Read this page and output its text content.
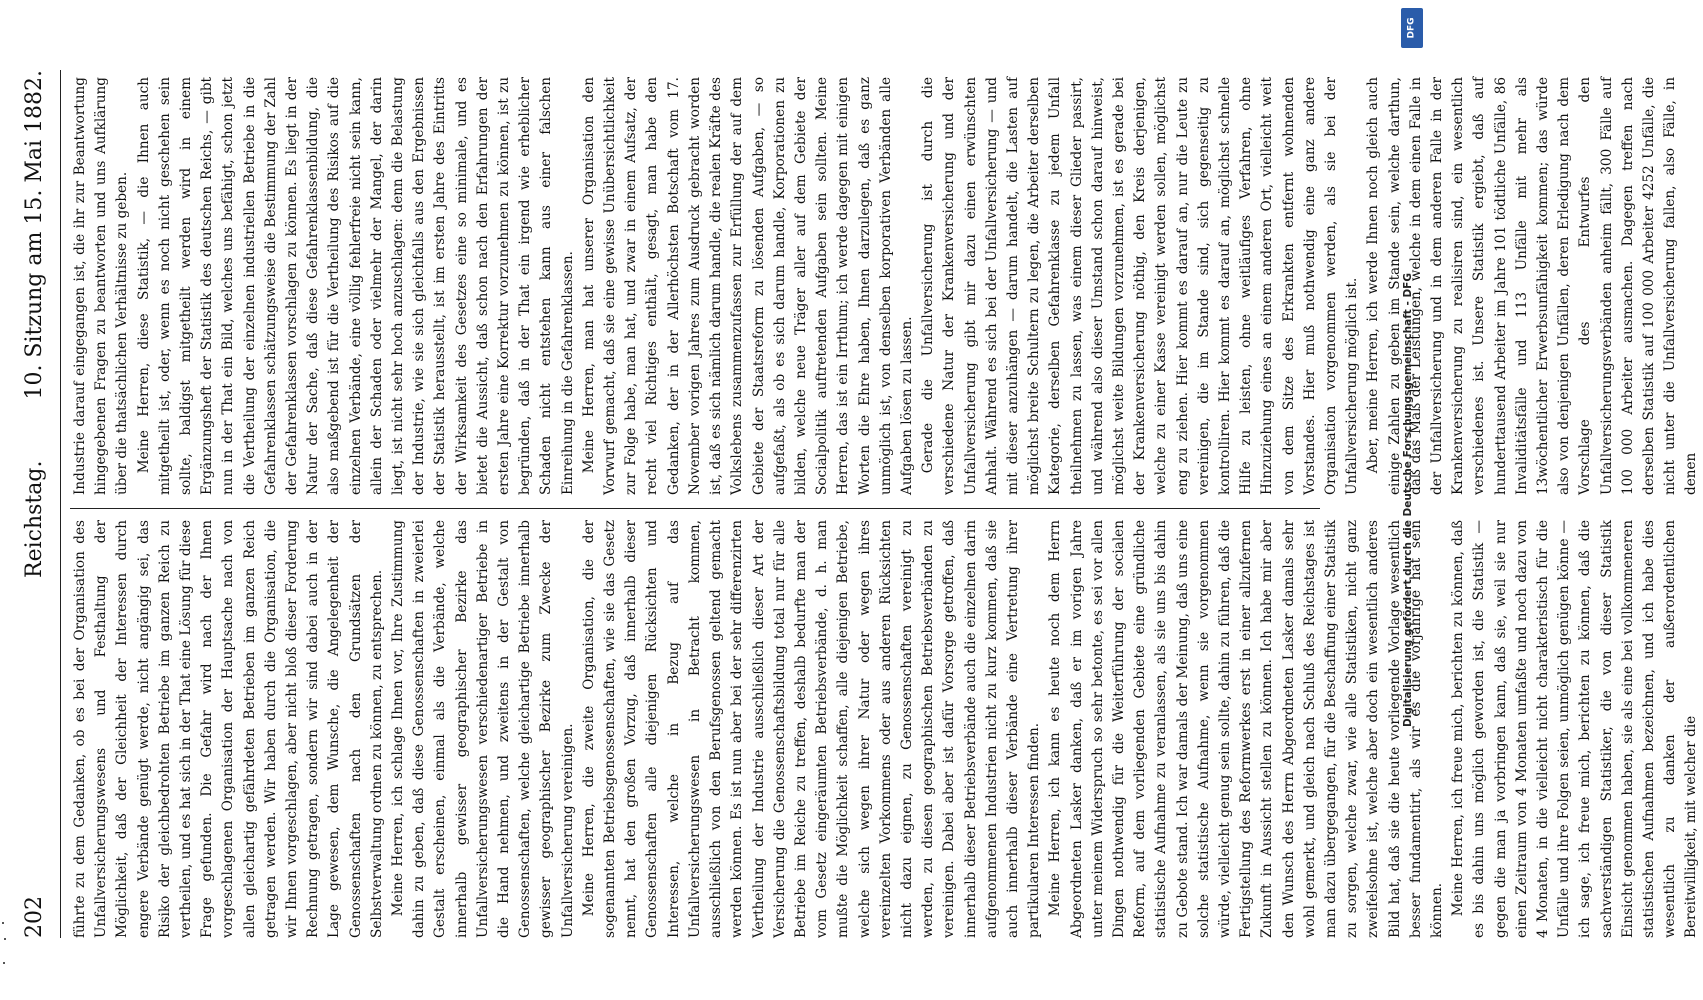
202
Reichstag.
10. Sitzung am 15. Mai 1882.

führte zu dem Gedanken, ob es bei der Organisation des Unfallversicherungswesens und Festhaltung der Möglichkeit, daß der Gleichheit der Interessen durch engere Verbände genügt werde, nicht angängig sei, das Risiko der gleichbedrohten Betriebe im ganzen Reich zu vertheilen, und es hat sich in der That eine Lösung für diese Frage gefunden. Die Gefahr wird nach der Ihnen vorgeschlagenen Organisation der Hauptsache nach von allen gleichartig gefährdeten Betrieben im ganzen Reich getragen werden. Wir haben durch die Organisation, die wir Ihnen vorgeschlagen, aber nicht bloß dieser Forderung Rechnung getragen, sondern wir sind dabei auch in der Lage gewesen, dem Wunsche, die Angelegenheit der Genossenschaften nach den Grundsätzen der Selbstverwaltung ordnen zu können, zu entsprechen. Meine Herren, ich schlage Ihnen vor, Ihre Zustimmung dahin zu geben, daß diese Genossenschaften in zweierlei Gestalt erscheinen, einmal als die Verbände, welche innerhalb gewisser geographischer Bezirke das Unfallversicherungswesen verschiedenartiger Betriebe in die Hand nehmen, und zweitens in der Gestalt von Genossenschaften, welche gleichartige Betriebe innerhalb gewisser geographischer Bezirke zum Zwecke der Unfallversicherung vereinigen. Meine Herren, die zweite Organisation, die der sogenannten Betriebsgenossenschaften, wie sie das Gesetz nennt, hat den großen Vorzug, daß innerhalb dieser Genossenschaften alle diejenigen Rücksichten und Interessen, welche in Bezug auf das Unfallversicherungswesen in Betracht kommen, ausschließlich von den Berufsgenossen geltend gemacht werden können. Es ist nun aber bei der sehr differenzirten Vertheilung der Industrie ausschließlich dieser Art der Versicherung die Genossenschaftsbildung total nur für alle Betriebe im Reiche zu treffen, deshalb bedurfte man der vom Gesetz eingeräumten Betriebsverbände, d. h. man mußte die Möglichkeit schaffen, alle diejenigen Betriebe, welche sich wegen ihrer Natur oder wegen ihres vereinzelten Vorkommens oder aus anderen Rücksichten nicht dazu eignen, zu Genossenschaften vereinigt zu werden, zu diesen geographischen Betriebsverbänden zu vereinigen. Dabei aber ist dafür Vorsorge getroffen, daß innerhalb dieser Betriebsverbände auch die einzelnen darin aufgenommenen Industrien nicht zu kurz kommen, daß sie auch innerhalb dieser Verbände eine Vertretung ihrer partikularen Interessen finden. Meine Herren, ich kann es heute noch dem Herrn Abgeordneten Lasker danken, daß er im vorigen Jahre unter meinem Widerspruch so sehr betonte, es sei vor allen Dingen nothwendig für die Weiterführung der socialen Reform, auf dem vorliegenden Gebiete eine gründliche statistische Aufnahme zu veranlassen, als sie uns bis dahin zu Gebote stand. Ich war damals der Meinung, daß uns eine solche statistische Aufnahme, wenn sie vorgenommen würde, vielleicht genug sein sollte, dahin zu führen, daß die Fertigstellung des Reformwerkes erst in einer allzufernen Zukunft in Aussicht stellen zu können. Ich habe mir aber den Wunsch des Herrn Abgeordneten Lasker damals sehr wohl gemerkt, und gleich nach Schluß des Reichstages ist man dazu übergegangen, für die Beschaffung einer Statistik zu sorgen, welche zwar, wie alle Statistiken, nicht ganz zweifelsohne ist, welche aber doch ein wesentlich anderes Bild hat, daß sie die heute vorliegende Vorlage wesentlich besser fundamentirt, als wir es die vorjährige hat sein können. Meine Herren, ich freue mich, berichten zu können, daß es bis dahin uns möglich geworden ist, die Statistik — gegen die man ja vorbringen kann, daß sie, weil sie nur einen Zeitraum von 4 Monaten umfaßte und noch dazu von 4 Monaten, in die vielleicht nicht charakteristisch für die Unfälle und ihre Folgen seien, unmöglich genügen könne — ich sage, ich freue mich, berichten zu können, daß die sachverständigen Statistiker, die von dieser Statistik Einsicht genommen haben, sie als eine bei vollkommeneren statistischen Aufnahmen bezeichnen, und ich habe dies wesentlich zu danken der außerordentlichen Bereitwilligkeit, mit welcher die

Industrie darauf eingegangen ist, die ihr zur Beantwortung hingegebenen Fragen zu beantworten und uns Aufklärung über die thatsächlichen Verhältnisse zu geben. Meine Herren, diese Statistik, — die Ihnen auch mitgetheilt ist, oder, wenn es noch nicht geschehen sein sollte, baldigst mitgetheilt werden wird in einem Ergänzungsheft der Statistik des deutschen Reichs, — gibt nun in der That ein Bild, welches uns befähigt, schon jetzt die Vertheilung der einzelnen industriellen Betriebe in die Gefahrenklassen schätzungsweise die Bestimmung der Zahl der Gefahrenklassen vorschlagen zu können. Es liegt in der Natur der Sache, daß diese Gefahrenklassenbildung, die also maßgebend ist für die Vertheilung des Risikos auf die einzelnen Verbände, eine völlig fehlerfreie nicht sein kann, allein der Schaden oder vielmehr der Mangel, der darin liegt, ist nicht sehr hoch anzuschlagen: denn die Belastung der Industrie, wie sie sich gleichfalls aus den Ergebnissen der Statistik herausstellt, ist im ersten Jahre des Eintritts der Wirksamkeit des Gesetzes eine so minimale, und es bietet die Aussicht, daß schon nach den Erfahrungen der ersten Jahre eine Korrektur vorzunehmen zu können, ist zu begründen, daß in der That ein irgend wie erheblicher Schaden nicht entstehen kann aus einer falschen Einreihung in die Gefahrenklassen. Meine Herren, man hat unserer Organisation den Vorwurf gemacht, daß sie eine gewisse Unübersichtlichkeit zur Folge habe, man hat, und zwar in einem Aufsatz, der recht viel Richtiges enthält, gesagt, man habe den Gedanken, der in der Allerhöchsten Botschaft vom 17. November vorigen Jahres zum Ausdruck gebracht worden ist, daß es sich nämlich darum handle, die realen Kräfte des Volkslebens zusammenzufassen zur Erfüllung der auf dem Gebiete der Staatsreform zu lösenden Aufgaben, — so aufgefaßt, als ob es sich darum handle, Korporationen zu bilden, welche neue Träger aller auf dem Gebiete der Socialpolitik auftretenden Aufgaben sein sollten. Meine Herren, das ist ein Irrthum; ich werde dagegen mit einigen Worten die Ehre haben, Ihnen darzulegen, daß es ganz unmöglich ist, von denselben korporativen Verbänden alle Aufgaben lösen zu lassen. Gerade die Unfallversicherung ist durch die verschiedene Natur der Krankenversicherung und der Unfallversicherung gibt mir dazu einen erwünschten Anhalt. Während es sich bei der Unfallversicherung — und mit dieser anzuhängen — darum handelt, die Lasten auf möglichst breite Schultern zu legen, die Arbeiter derselben Kategorie, derselben Gefahrenklasse zu jedem Unfall theilnehmen zu lassen, was einem dieser Glieder passirt, und während also dieser Umstand schon darauf hinweist, möglichst weite Bildungen vorzunehmen, ist es gerade bei der Krankenversicherung nöthig, den Kreis derjenigen, welche zu einer Kasse vereinigt werden sollen, möglichst eng zu ziehen. Hier kommt es darauf an, nur die Leute zu vereinigen, die im Stande sind, sich gegenseitig zu kontrolliren. Hier kommt es darauf an, möglichst schnelle Hilfe zu leisten, ohne weitläufiges Verfahren, ohne Hinzuziehung eines an einem anderen Ort, vielleicht weit von dem Sitze des Erkrankten entfernt wohnenden Vorstandes. Hier muß nothwendig eine ganz andere Organisation vorgenommen werden, als sie bei der Unfallversicherung möglich ist. Aber, meine Herren, ich werde Ihnen noch gleich auch einige Zahlen zu geben im Stande sein, welche darthun, daß das Maß der Leistungen, welche in dem einen Falle in der Unfallversicherung und in dem anderen Falle in der Krankenversicherung zu realisiren sind, ein wesentlich verschiedenes ist. Unsere Statistik ergiebt, daß auf hunderttausend Arbeiter im Jahre 101 tödtliche Unfälle, 86 Invaliditätsfälle und 113 Unfälle mit mehr als 13wöchentlicher Erwerbsunfähigkeit kommen; das würde also von denjenigen Unfällen, deren Erledigung nach dem Vorschlage des Entwurfes den Unfallversicherungsverbänden anheim fällt, 300 Fälle auf 100 000 Arbeiter ausmachen. Dagegen treffen nach derselben Statistik auf 100 000 Arbeiter 4252 Unfälle, die nicht unter die Unfallversicherung fallen, also Fälle, in denen

DFG
Digitalisierung gefördert durch die Deutsche Forschungsgemeinschaft - DFG
